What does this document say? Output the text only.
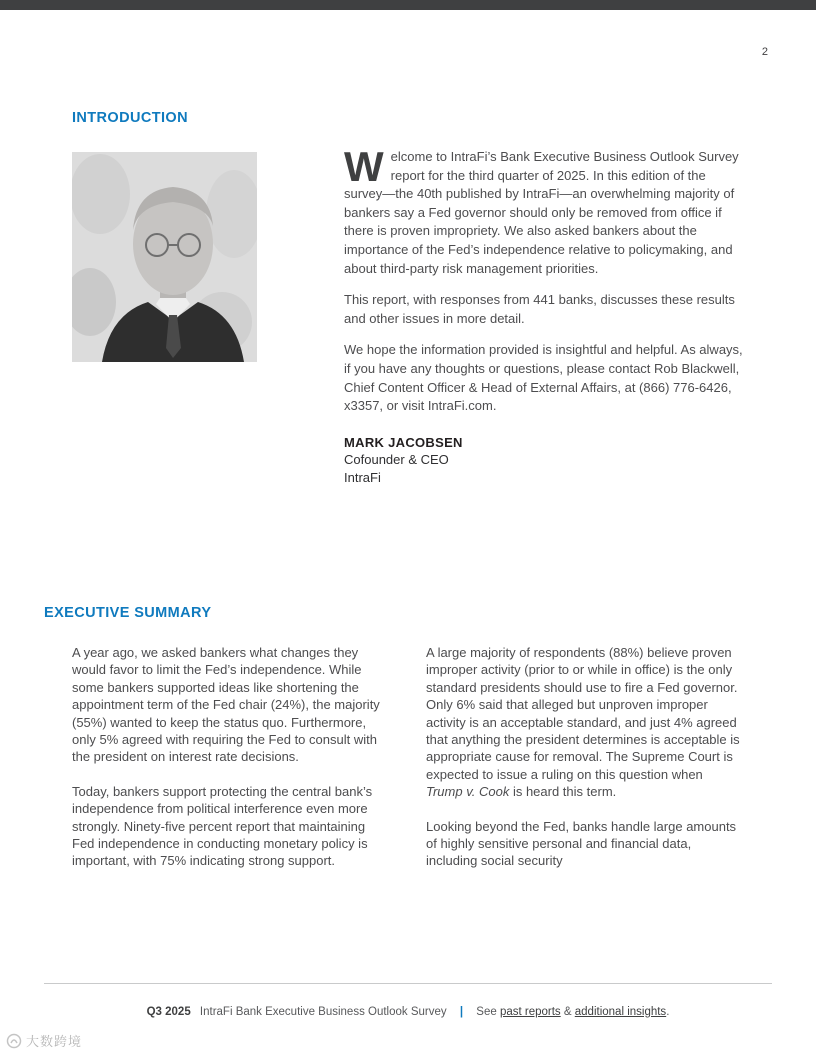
2
INTRODUCTION

Welcome to IntraFi’s Bank Executive Business Outlook Survey report for the third quarter of 2025. In this edition of the survey—the 40th published by IntraFi—an overwhelming majority of bankers say a Fed governor should only be removed from office if there is proven impropriety. We also asked bankers about the importance of the Fed’s independence relative to policymaking, and about third-party risk management priorities.

This report, with responses from 441 banks, discusses these results and other issues in more detail.

We hope the information provided is insightful and helpful. As always, if you have any thoughts or questions, please contact Rob Blackwell, Chief Content Officer & Head of External Affairs, at (866) 776-6426, x3357, or visit IntraFi.com.

MARK JACOBSEN
Cofounder & CEO
IntraFi
EXECUTIVE SUMMARY

A year ago, we asked bankers what changes they would favor to limit the Fed’s independence. While some bankers supported ideas like shortening the appointment term of the Fed chair (24%), the majority (55%) wanted to keep the status quo. Furthermore, only 5% agreed with requiring the Fed to consult with the president on interest rate decisions.

Today, bankers support protecting the central bank’s independence from political interference even more strongly. Ninety-five percent report that maintaining Fed independence in conducting monetary policy is important, with 75% indicating strong support.

A large majority of respondents (88%) believe proven improper activity (prior to or while in office) is the only standard presidents should use to fire a Fed governor. Only 6% said that alleged but unproven improper activity is an acceptable standard, and just 4% agreed that anything the president determines is acceptable is appropriate cause for removal. The Supreme Court is expected to issue a ruling on this question when Trump v. Cook is heard this term.

Looking beyond the Fed, banks handle large amounts of highly sensitive personal and financial data, including social security

Q3 2025 IntraFi Bank Executive Business Outlook Survey | See past reports & additional insights.
大数跨境
